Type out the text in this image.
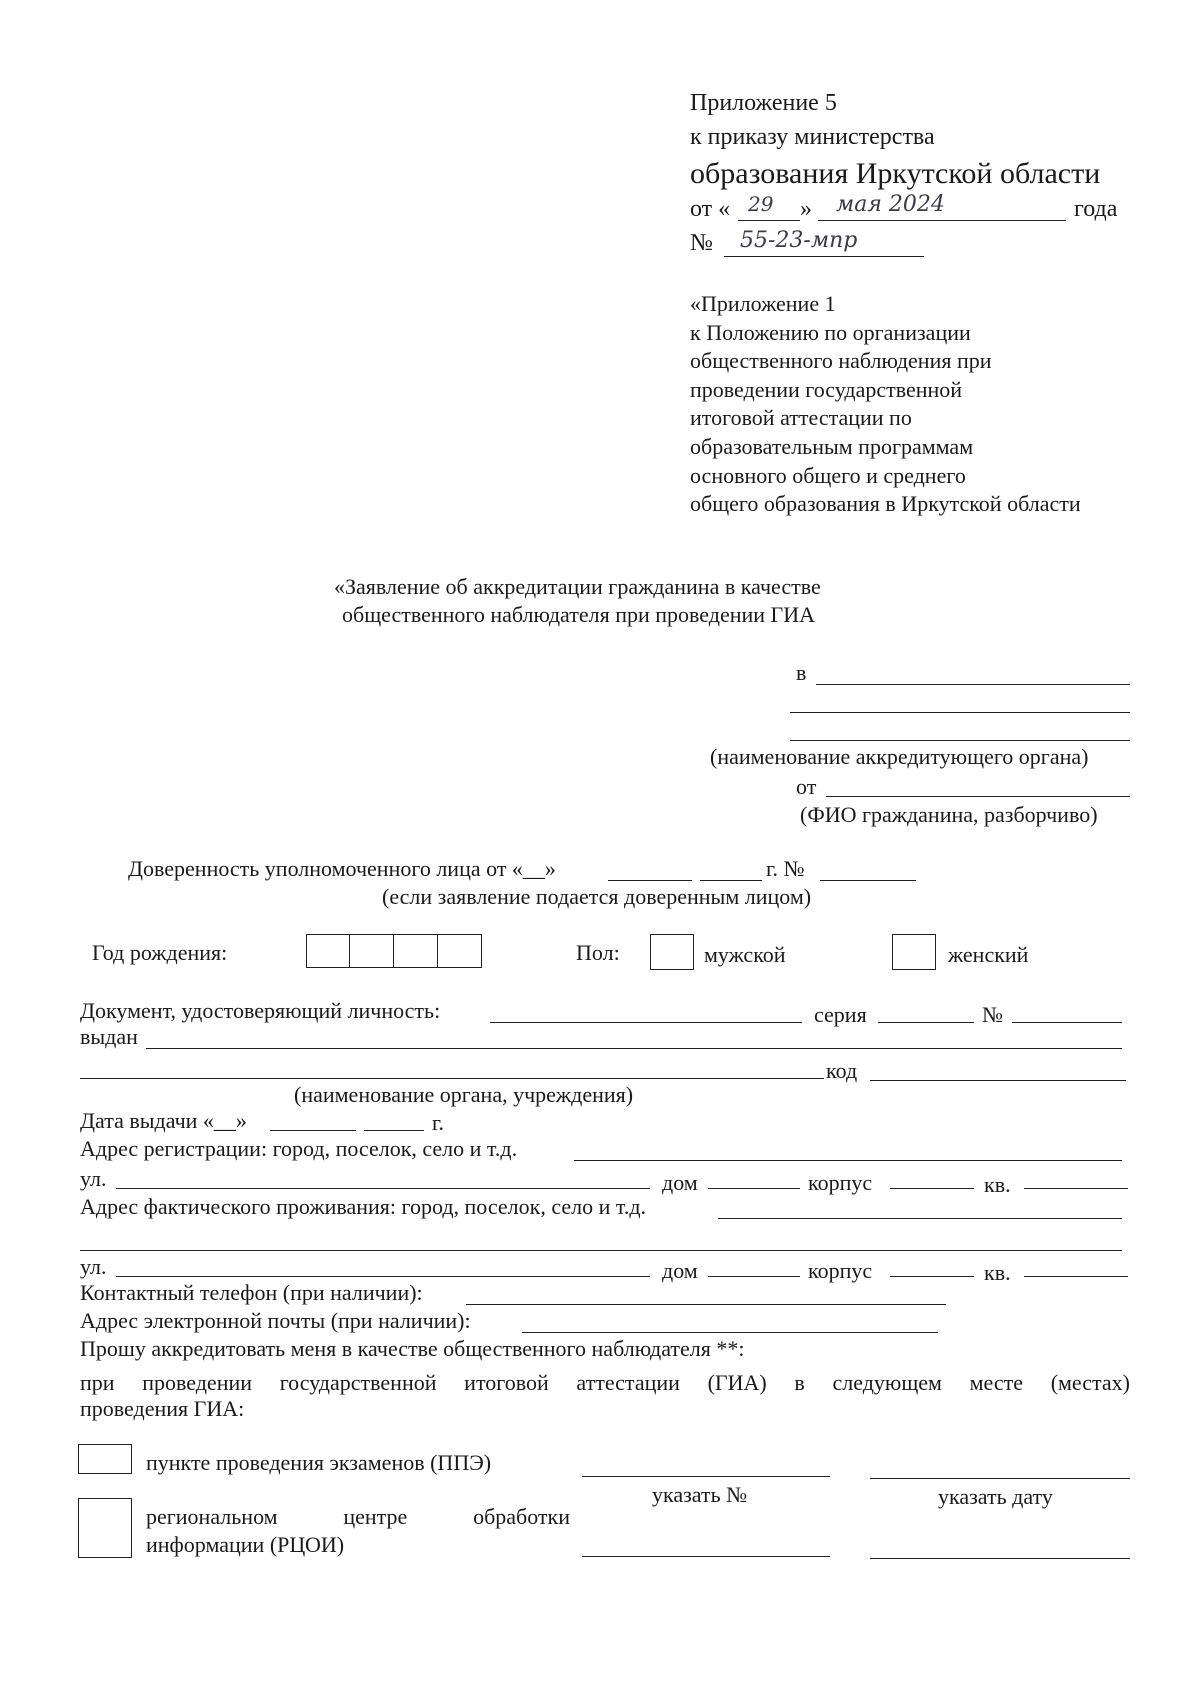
Приложение 5
к приказу министерства
образования Иркутской области
от « 29 » мая 2024	года
№ 55-23-мпр
«Приложение 1
к Положению по организации
общественного наблюдения при
проведении государственной
итоговой аттестации по
образовательным программам
основного общего и среднего
общего образования в Иркутской области
«Заявление об аккредитации гражданина в качестве
общественного наблюдателя при проведении ГИА
в
(наименование аккредитующего органа)
от
(ФИО гражданина, разборчиво)
Доверенность уполномоченного лица от «__»	г. №
(если заявление подается доверенным лицом)
Год рождения:	Пол:	мужской	женский
Документ, удостоверяющий личность:	серия	№
выдан
код
(наименование органа, учреждения)
Дата выдачи «__»	г.
Адрес регистрации: город, поселок, село и т.д.
ул.	дом	корпус	кв.
Адрес фактического проживания: город, поселок, село и т.д.
ул.	дом	корпус	кв.
Контактный телефон (при наличии):
Адрес электронной почты (при наличии):
Прошу аккредитовать меня в качестве общественного наблюдателя **:
при проведении государственной итоговой аттестации (ГИА) в следующем месте (местах)
проведения ГИА:
пункте проведения экзаменов (ППЭ)
указать №	указать дату
региональном	центре	обработки
информации (РЦОИ)
